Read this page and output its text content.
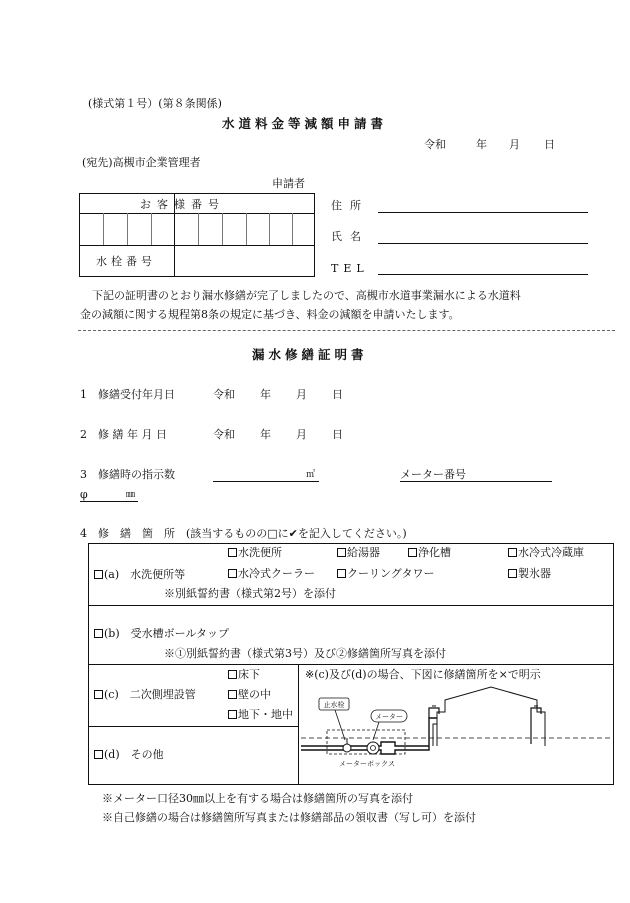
(様式第１号）(第８条関係)
水道料金等減額申請書
令和	年 月 日
(宛先)高槻市企業管理者
申請者
お客様番号
水栓番号
住所
氏名
TEL
下記の証明書のとおり漏水修繕が完了しましたので、高槻市水道事業漏水による水道料
金の減額に関する規程第8条の規定に基づき、料金の減額を申請いたします。
漏水修繕証明書
1　修繕受付年月日	令和 年 月 日
2　修 繕 年 月 日	令和 年 月 日
3　修繕時の指示数	㎥	メーター番号
φ	㎜
4　修　繕　箇　所　(該当するものの□に✔を記入してください。)
(a)　水洗便所等
水洗便所	給湯器	浄化槽	水冷式冷蔵庫
水冷式クーラー	クーリングタワー	製氷器
※別紙誓約書（様式第2号）を添付
(b)　受水槽ボールタップ
※①別紙誓約書（様式第3号）及び②修繕箇所写真を添付
(c)　二次側埋設管
床下
壁の中
地下・地中
(d)　その他
※(c)及び(d)の場合、下図に修繕箇所を×で明示
止水栓
メーター
メーターボックス
※メーター口径30㎜以上を有する場合は修繕箇所の写真を添付
※自己修繕の場合は修繕箇所写真または修繕部品の領収書（写し可）を添付
